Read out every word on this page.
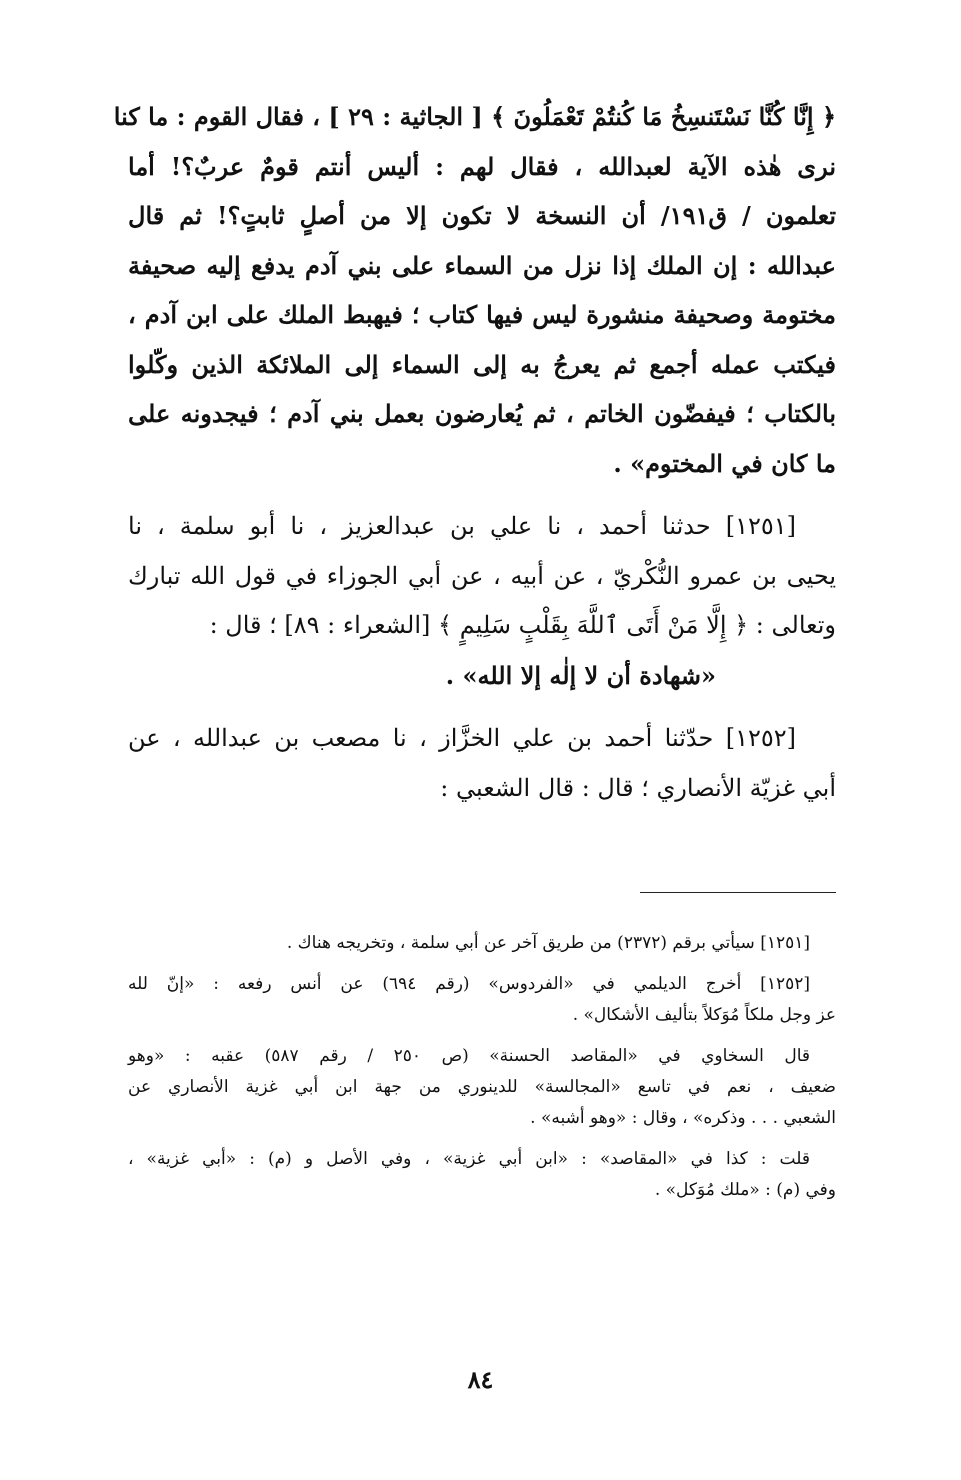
﴿ إِنَّا كُنَّا نَسْتَنسِخُ مَا كُنتُمْ تَعْمَلُونَ ﴾ [ الجاثية : ٢٩ ] ، فقال القوم : ما كنا
نرى هٰذه الآية لعبدالله ، فقال لهم : أليس أنتم قومٌ عربٌ؟! أما
تعلمون / ق١٩١/ أن النسخة لا تكون إلا من أصلٍ ثابتٍ؟! ثم قال
عبدالله : إن الملك إذا نزل من السماء على بني آدم يدفع إليه صحيفة
مختومة وصحيفة منشورة ليس فيها كتاب ؛ فيهبط الملك على ابن آدم ،
فيكتب عمله أجمع ثم يعرجُ به إلى السماء إلى الملائكة الذين وكّلوا
بالكتاب ؛ فيفضّون الخاتم ، ثم يُعارضون بعمل بني آدم ؛ فيجدونه على
ما كان في المختوم» .

[١٢٥١] حدثنا أحمد ، نا علي بن عبدالعزيز ، نا أبو سلمة ، نا
يحيى بن عمرو النُّكْريّ ، عن أبيه ، عن أبي الجوزاء في قول الله تبارك
وتعالى : ﴿ إِلَّا مَنْ أَتَى ٱللَّهَ بِقَلْبٍ سَلِيمٍ ﴾ [الشعراء : ٨٩] ؛ قال :
«شهادة أن لا إلٰه إلا الله» .

[١٢٥٢] حدّثنا أحمد بن علي الخزَّاز ، نا مصعب بن عبدالله ، عن
أبي غزيّة الأنصاري ؛ قال : قال الشعبي :

[١٢٥١] سيأتي برقم (٢٣٧٢) من طريق آخر عن أبي سلمة ، وتخريجه هناك .

[١٢٥٢] أخرج الديلمي في «الفردوس» (رقم ٦٩٤) عن أنس رفعه : «إنّ لله
عز وجل ملكاً مُوَكلاً بتأليف الأشكال» .

قال السخاوي في «المقاصد الحسنة» (ص ٢٥٠ / رقم ٥٨٧) عقبه : «وهو
ضعيف ، نعم في تاسع «المجالسة» للدينوري من جهة ابن أبي غزية الأنصاري عن
الشعبي . . . وذكره» ، وقال : «وهو أشبه» .

قلت : كذا في «المقاصد» : «ابن أبي غزية» ، وفي الأصل و (م) : «أبي غزية» ،
وفي (م) : «ملك مُوَكل» .

٨٤
